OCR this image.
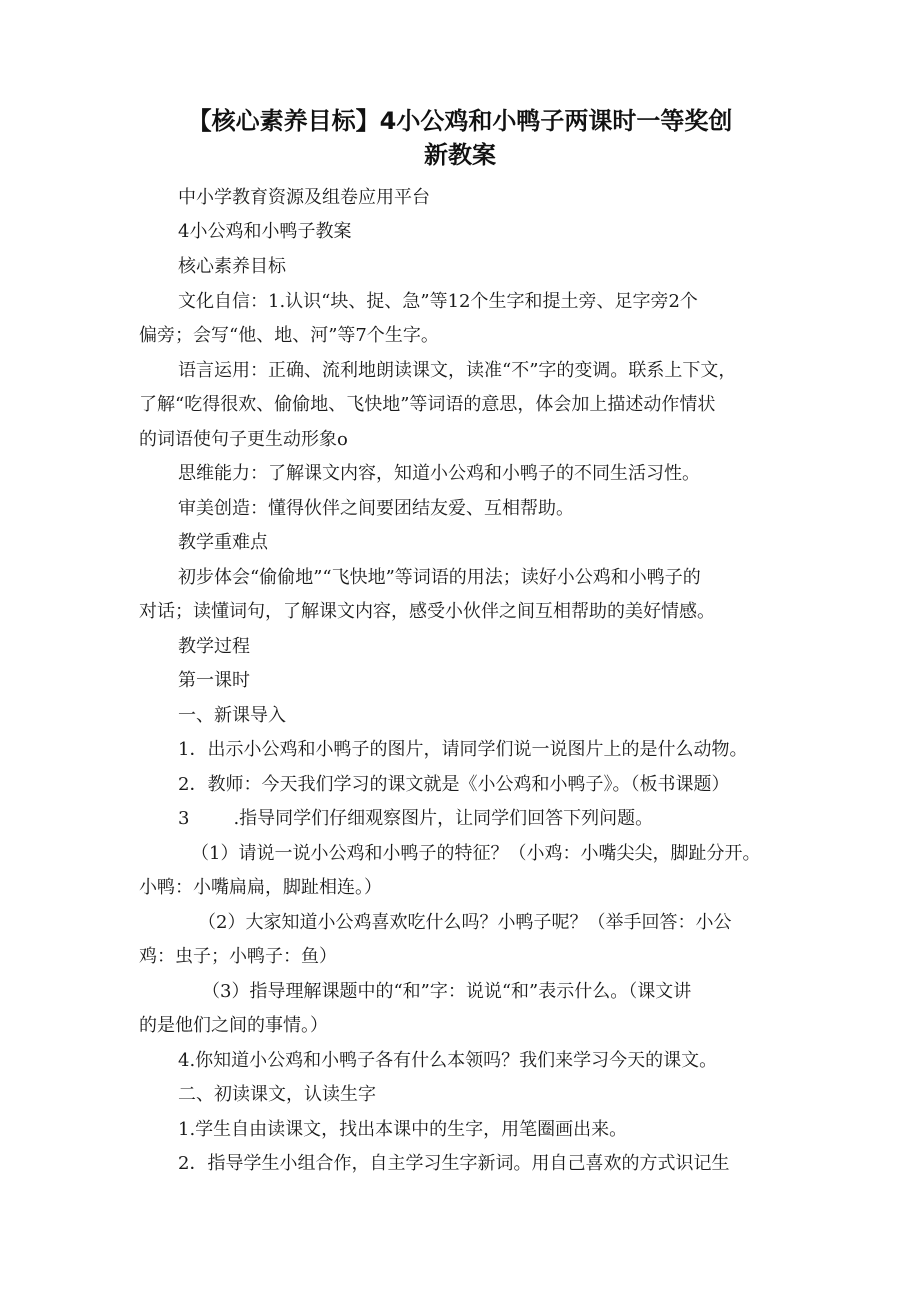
【核心素养目标】4小公鸡和小鸭子两课时一等奖创
新教案
中小学教育资源及组卷应用平台
4小公鸡和小鸭子教案
核心素养目标
文化自信：1.认识“块、捉、急”等12个生字和提土旁、足字旁2个
偏旁；会写“他、地、河”等7个生字。
语言运用：正确、流利地朗读课文，读准“不”字的变调。联系上下文，
了解“吃得很欢、偷偷地、飞快地”等词语的意思，体会加上描述动作情状
的词语使句子更生动形象o
思维能力：了解课文内容，知道小公鸡和小鸭子的不同生活习性。
审美创造：懂得伙伴之间要团结友爱、互相帮助。
教学重难点
初步体会“偷偷地”“飞快地”等词语的用法；读好小公鸡和小鸭子的
对话；读懂词句，了解课文内容，感受小伙伴之间互相帮助的美好情感。
教学过程
第一课时
一、新课导入
1．出示小公鸡和小鸭子的图片，请同学们说一说图片上的是什么动物。
2．教师：今天我们学习的课文就是《小公鸡和小鸭子》。（板书课题）
3 .指导同学们仔细观察图片，让同学们回答下列问题。
（1）请说一说小公鸡和小鸭子的特征？（小鸡：小嘴尖尖，脚趾分开。
小鸭：小嘴扁扁，脚趾相连。）
（2）大家知道小公鸡喜欢吃什么吗？小鸭子呢？（举手回答：小公
鸡：虫子；小鸭子：鱼）
（3）指导理解课题中的“和”字：说说“和”表示什么。（课文讲
的是他们之间的事情。）
4.你知道小公鸡和小鸭子各有什么本领吗？我们来学习今天的课文。
二、初读课文，认读生字
1.学生自由读课文，找出本课中的生字，用笔圈画出来。
2．指导学生小组合作，自主学习生字新词。用自己喜欢的方式识记生
